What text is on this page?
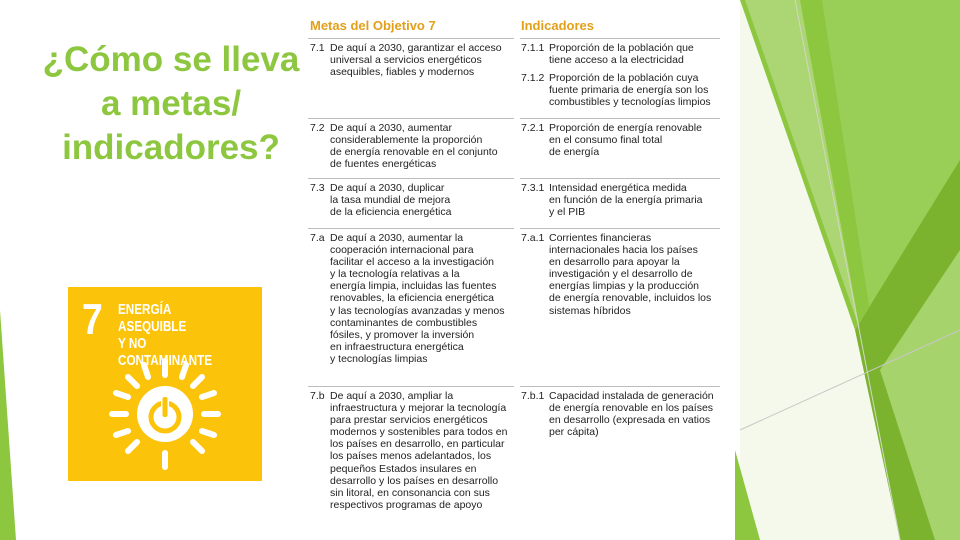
¿Cómo se lleva a metas/ indicadores?
7 ENERGÍA ASEQUIBLE
Y NO CONTAMINANTE
Metas del Objetivo 7	Indicadores
7.1 De aquí a 2030, garantizar el acceso
universal a servicios energéticos
asequibles, fiables y modernos
7.1.1 Proporción de la población que
tiene acceso a la electricidad
7.1.2 Proporción de la población cuya
fuente primaria de energía son los
combustibles y tecnologías limpios
7.2 De aquí a 2030, aumentar
considerablemente la proporción
de energía renovable en el conjunto
de fuentes energéticas
7.2.1 Proporción de energía renovable
en el consumo final total
de energía
7.3 De aquí a 2030, duplicar
la tasa mundial de mejora
de la eficiencia energética
7.3.1 Intensidad energética medida
en función de la energía primaria
y el PIB
7.a De aquí a 2030, aumentar la
cooperación internacional para
facilitar el acceso a la investigación
y la tecnología relativas a la
energía limpia, incluidas las fuentes
renovables, la eficiencia energética
y las tecnologías avanzadas y menos
contaminantes de combustibles
fósiles, y promover la inversión
en infraestructura energética
y tecnologías limpias
7.a.1 Corrientes financieras
internacionales hacia los países
en desarrollo para apoyar la
investigación y el desarrollo de
energías limpias y la producción
de energía renovable, incluidos los
sistemas híbridos
7.b De aquí a 2030, ampliar la
infraestructura y mejorar la tecnología
para prestar servicios energéticos
modernos y sostenibles para todos en
los países en desarrollo, en particular
los países menos adelantados, los
pequeños Estados insulares en
desarrollo y los países en desarrollo
sin litoral, en consonancia con sus
respectivos programas de apoyo
7.b.1 Capacidad instalada de generación
de energía renovable en los países
en desarrollo (expresada en vatios
per cápita)
